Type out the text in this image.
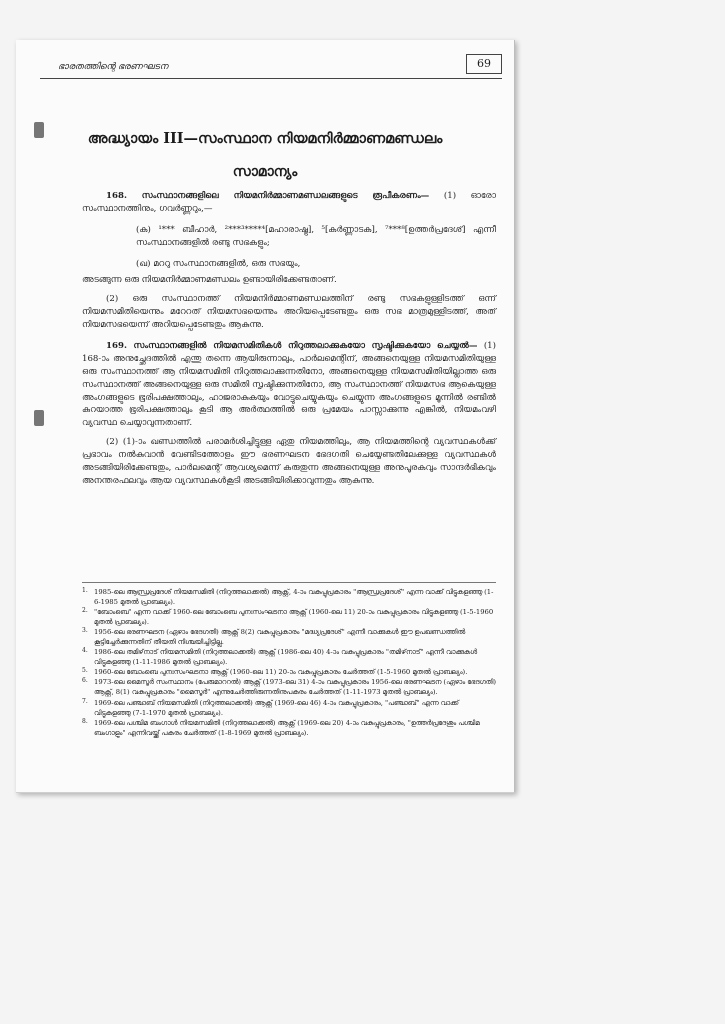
ഭാരതത്തിന്റെ ഭരണഘടന	69
അദ്ധ്യായം III—സംസ്ഥാന നിയമനിർമ്മാണമണ്ഡലം
സാമാന്യം

168. സംസ്ഥാനങ്ങളിലെ നിയമനിർമ്മാണമണ്ഡലങ്ങളുടെ രൂപീകരണം— (1) ഓരോ സംസ്ഥാനത്തിനും, ഗവർണ്ണറും,—

(ക) ¹*** ബീഹാർ, ²***³****⁴[മഹാരാഷ്ട്ര], ⁵[കർണ്ണാടക], ⁷***⁸[ഉത്തർപ്രദേശ്] എന്നീ സംസ്ഥാനങ്ങളിൽ രണ്ടു സഭകളും;

(ഖ) മററു സംസ്ഥാനങ്ങളിൽ, ഒരു സഭയും,

അടങ്ങുന്ന ഒരു നിയമനിർമ്മാണമണ്ഡലം ഉണ്ടായിരിക്കേണ്ടതാണ്.

(2) ഒരു സംസ്ഥാനത്ത് നിയമനിർമ്മാണമണ്ഡലത്തിന് രണ്ടു സഭകളുള്ളിടത്ത് ഒന്ന് നിയമസമിതിയെന്നും മറേറത് നിയമസഭയെന്നും അറിയപ്പെടേണ്ടതും ഒരു സഭ മാത്രമുള്ളിടത്ത്, അത് നിയമസഭയെന്ന് അറിയപ്പെടേണ്ടതും ആകുന്നു.

169. സംസ്ഥാനങ്ങളിൽ നിയമസമിതികൾ നിറുത്തലാക്കുകയോ സൃഷ്ടിക്കുകയോ ചെയ്യൽ— (1) 168-ാം അനുച്ഛേദത്തിൽ എന്തു തന്നെ ആയിരുന്നാലും, പാർലമെന്റിന്, അങ്ങനെയുള്ള നിയമസമിതിയുള്ള ഒരു സംസ്ഥാനത്ത് ആ നിയമസമിതി നിറുത്തലാക്കുന്നതിനോ, അങ്ങനെയുള്ള നിയമസമിതിയില്ലാത്ത ഒരു സംസ്ഥാനത്ത് അങ്ങനെയുള്ള ഒരു സമിതി സൃഷ്ടിക്കുന്നതിനോ, ആ സംസ്ഥാനത്ത് നിയമസഭ ആകെയുള്ള അംഗങ്ങളുടെ ഭൂരിപക്ഷത്താലും, ഹാജരാകുകയും വോട്ടുചെയ്യുകയും ചെയ്യുന്ന അംഗങ്ങളുടെ മൂന്നിൽ രണ്ടിൽ കുറയാത്ത ഭൂരിപക്ഷത്താലും കൂടി ആ അർത്ഥത്തിൽ ഒരു പ്രമേയം പാസ്സാക്കുന്നു എങ്കിൽ, നിയമംവഴി വ്യവസ്ഥ ചെയ്യാവുന്നതാണ്.

(2) (1)-ാം ഖണ്ഡത്തിൽ പരാമർശിച്ചിട്ടുള്ള ഏതു നിയമത്തിലും, ആ നിയമത്തിന്റെ വ്യവസ്ഥകൾക്ക് പ്രഭാവം നൽകുവാൻ വേണ്ടിടത്തോളം ഈ ഭരണഘടന ഭേദഗതി ചെയ്യേണ്ടതിലേക്കുള്ള വ്യവസ്ഥകൾ അടങ്ങിയിരിക്കേണ്ടതും, പാർലമെന്റ് ആവശ്യമെന്ന് കരുതുന്ന അങ്ങനെയുള്ള അനുപൂരകവും സാന്ദർഭികവും അനന്തരഫലവും ആയ വ്യവസ്ഥകൾകൂടി അടങ്ങിയിരിക്കാവുന്നതും ആകുന്നു.

1. 1985-ലെ ആന്ധ്രപ്രദേശ് നിയമസമിതി (നിറുത്തലാക്കൽ) ആക്റ്റ്, 4-ാം വകുപ്പുപ്രകാരം "ആന്ധ്രപ്രദേശ്" എന്ന വാക്ക് വിട്ടുകളഞ്ഞു (1-6-1985 മുതൽ പ്രാബല്യം).

2. "ബോംബെ" എന്ന വാക്ക് 1960-ലെ ബോംബെ പുനഃസംഘടനാ ആക്റ്റ് (1960-ലെ 11) 20-ാം വകുപ്പുപ്രകാരം വിട്ടുകളഞ്ഞു (1-5-1960 മുതൽ പ്രാബല്യം).

3. 1956-ലെ ഭരണഘടന (ഏഴാം ഭേദഗതി) ആക്റ്റ് 8(2) വകുപ്പുപ്രകാരം "മദ്ധ്യപ്രദേശ്" എന്നീ വാക്കുകൾ ഈ ഉപഖണ്ഡത്തിൽ കൂട്ടിച്ചേർക്കുന്നതിന് തീയതി നിശ്ചയിച്ചിട്ടില്ല.

4. 1986-ലെ തമിഴ്‌നാട് നിയമസമിതി (നിറുത്തലാക്കൽ) ആക്റ്റ് (1986-ലെ 40) 4-ാം വകുപ്പുപ്രകാരം "തമിഴ്‌നാട്" എന്നീ വാക്കുകൾ വിട്ടുകളഞ്ഞു (1-11-1986 മുതൽ പ്രാബല്യം).

5. 1960-ലെ ബോംബെ പുനഃസംഘടനാ ആക്റ്റ് (1960-ലെ 11) 20-ാം വകുപ്പുപ്രകാരം ചേർത്തത് (1-5-1960 മുതൽ പ്രാബല്യം).

6. 1973-ലെ മൈസൂർ സംസ്ഥാനം (പേരുമാററൽ) ആക്റ്റ് (1973-ലെ 31) 4-ാം വകുപ്പുപ്രകാരം 1956-ലെ ഭരണഘടന (ഏഴാം ഭേദഗതി) ആക്റ്റ്, 8(1) വകുപ്പുപ്രകാരം "മൈസൂർ" എന്നുചേർത്തിരുന്നതിനുപകരം ചേർത്തത് (1-11-1973 മുതൽ പ്രാബല്യം).

7. 1969-ലെ പഞ്ചാബ് നിയമസമിതി (നിറുത്തലാക്കൽ) ആക്റ്റ് (1969-ലെ 46) 4-ാം വകുപ്പുപ്രകാരം, "പഞ്ചാബ്" എന്ന വാക്ക് വിട്ടുകളഞ്ഞു (7-1-1970 മുതൽ പ്രാബല്യം).

8. 1969-ലെ പശ്ചിമ ബംഗാൾ നിയമസമിതി (നിറുത്തലാക്കൽ) ആക്റ്റ് (1969-ലെ 20) 4-ാം വകുപ്പുപ്രകാരം, "ഉത്തർപ്രദേശും പശ്ചിമ ബംഗാളും" എന്നിവയ്ക്ക് പകരം ചേർത്തത് (1-8-1969 മുതൽ പ്രാബല്യം).
